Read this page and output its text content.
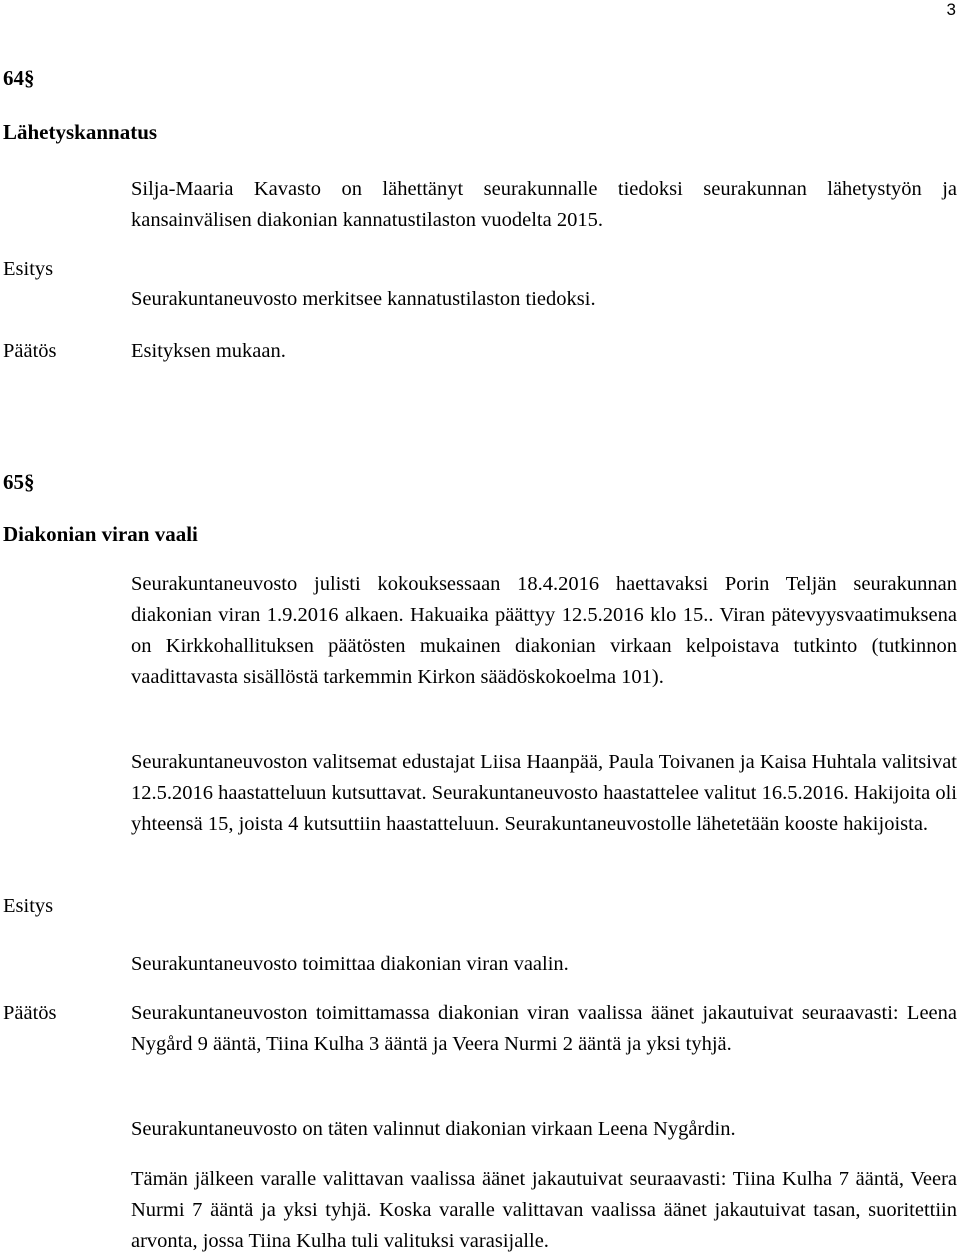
3
64§
Lähetyskannatus
Silja-Maaria Kavasto on lähettänyt seurakunnalle tiedoksi seurakunnan lähetystyön ja kansainvälisen diakonian kannatustilaston vuodelta 2015.
Esitys
Seurakuntaneuvosto merkitsee kannatustilaston tiedoksi.
Päätös	Esityksen mukaan.
65§
Diakonian viran vaali
Seurakuntaneuvosto julisti kokouksessaan 18.4.2016 haettavaksi Porin Teljän seurakunnan diakonian viran 1.9.2016 alkaen. Hakuaika päättyy 12.5.2016 klo 15.. Viran pätevyysvaatimuksena on Kirkkohallituksen päätösten mukainen diakonian virkaan kelpoistava tutkinto (tutkinnon vaadittavasta sisällöstä tarkemmin Kirkon säädöskokoelma 101).
Seurakuntaneuvoston valitsemat edustajat Liisa Haanpää, Paula Toivanen ja Kaisa Huhtala valitsivat 12.5.2016 haastatteluun kutsuttavat. Seurakuntaneuvosto haastattelee valitut 16.5.2016. Hakijoita oli yhteensä 15, joista 4 kutsuttiin haastatteluun. Seurakuntaneuvostolle lähetetään kooste hakijoista.
Esitys
Seurakuntaneuvosto toimittaa diakonian viran vaalin.
Päätös	Seurakuntaneuvoston toimittamassa diakonian viran vaalissa äänet jakautuivat seuraavasti: Leena Nygård 9 ääntä, Tiina Kulha 3 ääntä ja Veera Nurmi 2 ääntä ja yksi tyhjä.
Seurakuntaneuvosto on täten valinnut diakonian virkaan Leena Nygårdin.
Tämän jälkeen varalle valittavan vaalissa äänet jakautuivat seuraavasti: Tiina Kulha 7 ääntä, Veera Nurmi 7 ääntä ja yksi tyhjä. Koska varalle valittavan vaalissa äänet jakautuivat tasan, suoritettiin arvonta, jossa Tiina Kulha tuli valituksi varasijalle.
